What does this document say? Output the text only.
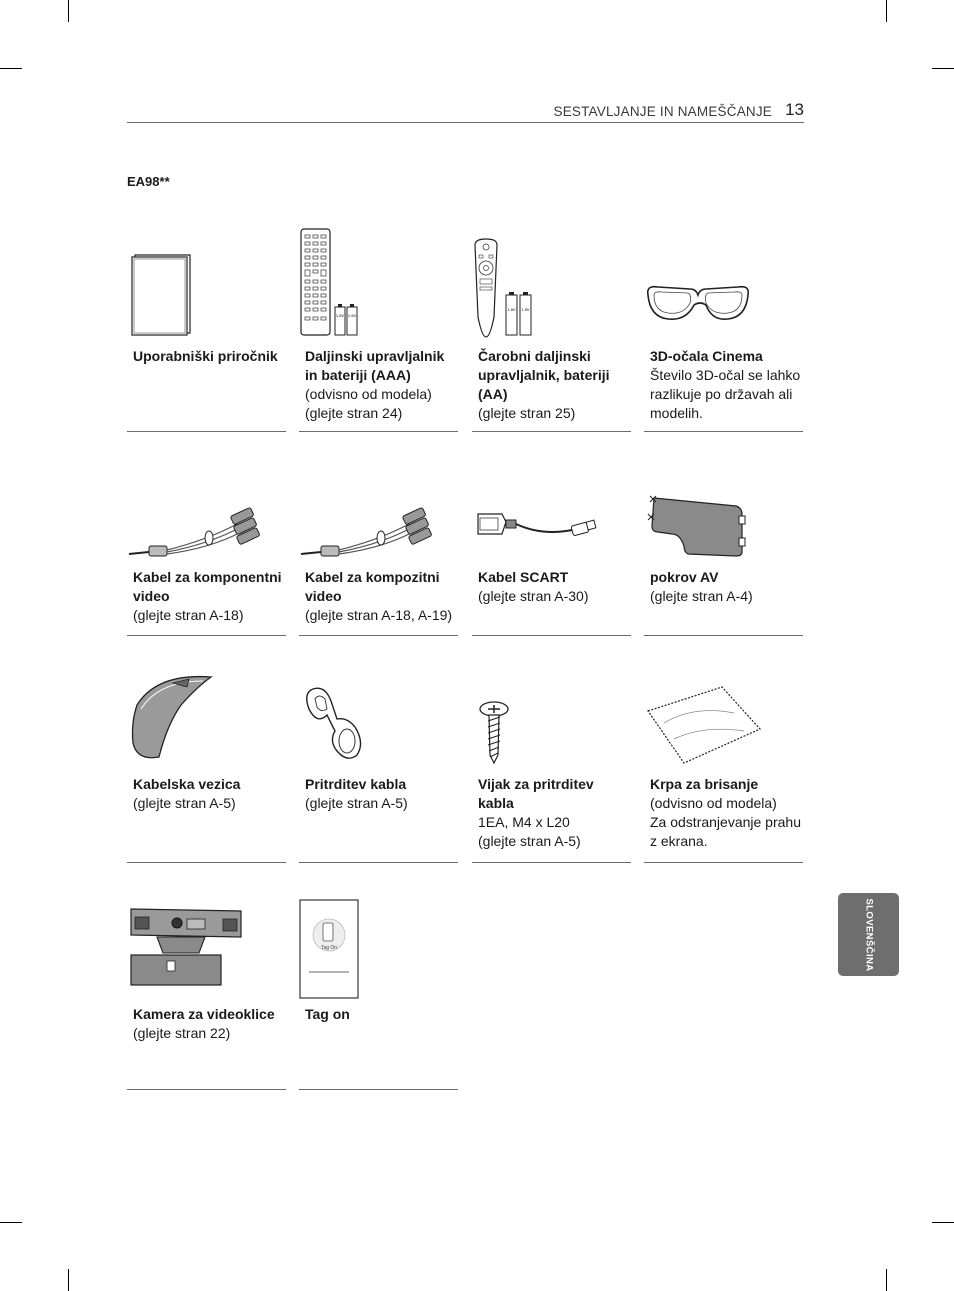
SESTAVLJANJE IN NAMEŠČANJE 13
EA98**
Uporabniški priročnik
1.5V 1.5V
Daljinski upravljalnik in bateriji (AAA)
(odvisno od modela)
(glejte stran 24)
1.5V 1.5V
Čarobni daljinski upravljalnik, bateriji (AA)
(glejte stran 25)
3D-očala Cinema
Število 3D-očal se lahko razlikuje po državah ali modelih.
Kabel za komponentni video
(glejte stran A-18)
Kabel za kompozitni video
(glejte stran A-18, A-19)
Kabel SCART
(glejte stran A-30)
pokrov AV
(glejte stran A-4)
Kabelska vezica
(glejte stran A-5)
Pritrditev kabla
(glejte stran A-5)
Vijak za pritrditev kabla
1EA, M4 x L20
(glejte stran A-5)
Krpa za brisanje
(odvisno od modela)
Za odstranjevanje prahu z ekrana.
Kamera za videoklice
(glejte stran 22)
Tag On
Tag on
SLOVENŠČINA
